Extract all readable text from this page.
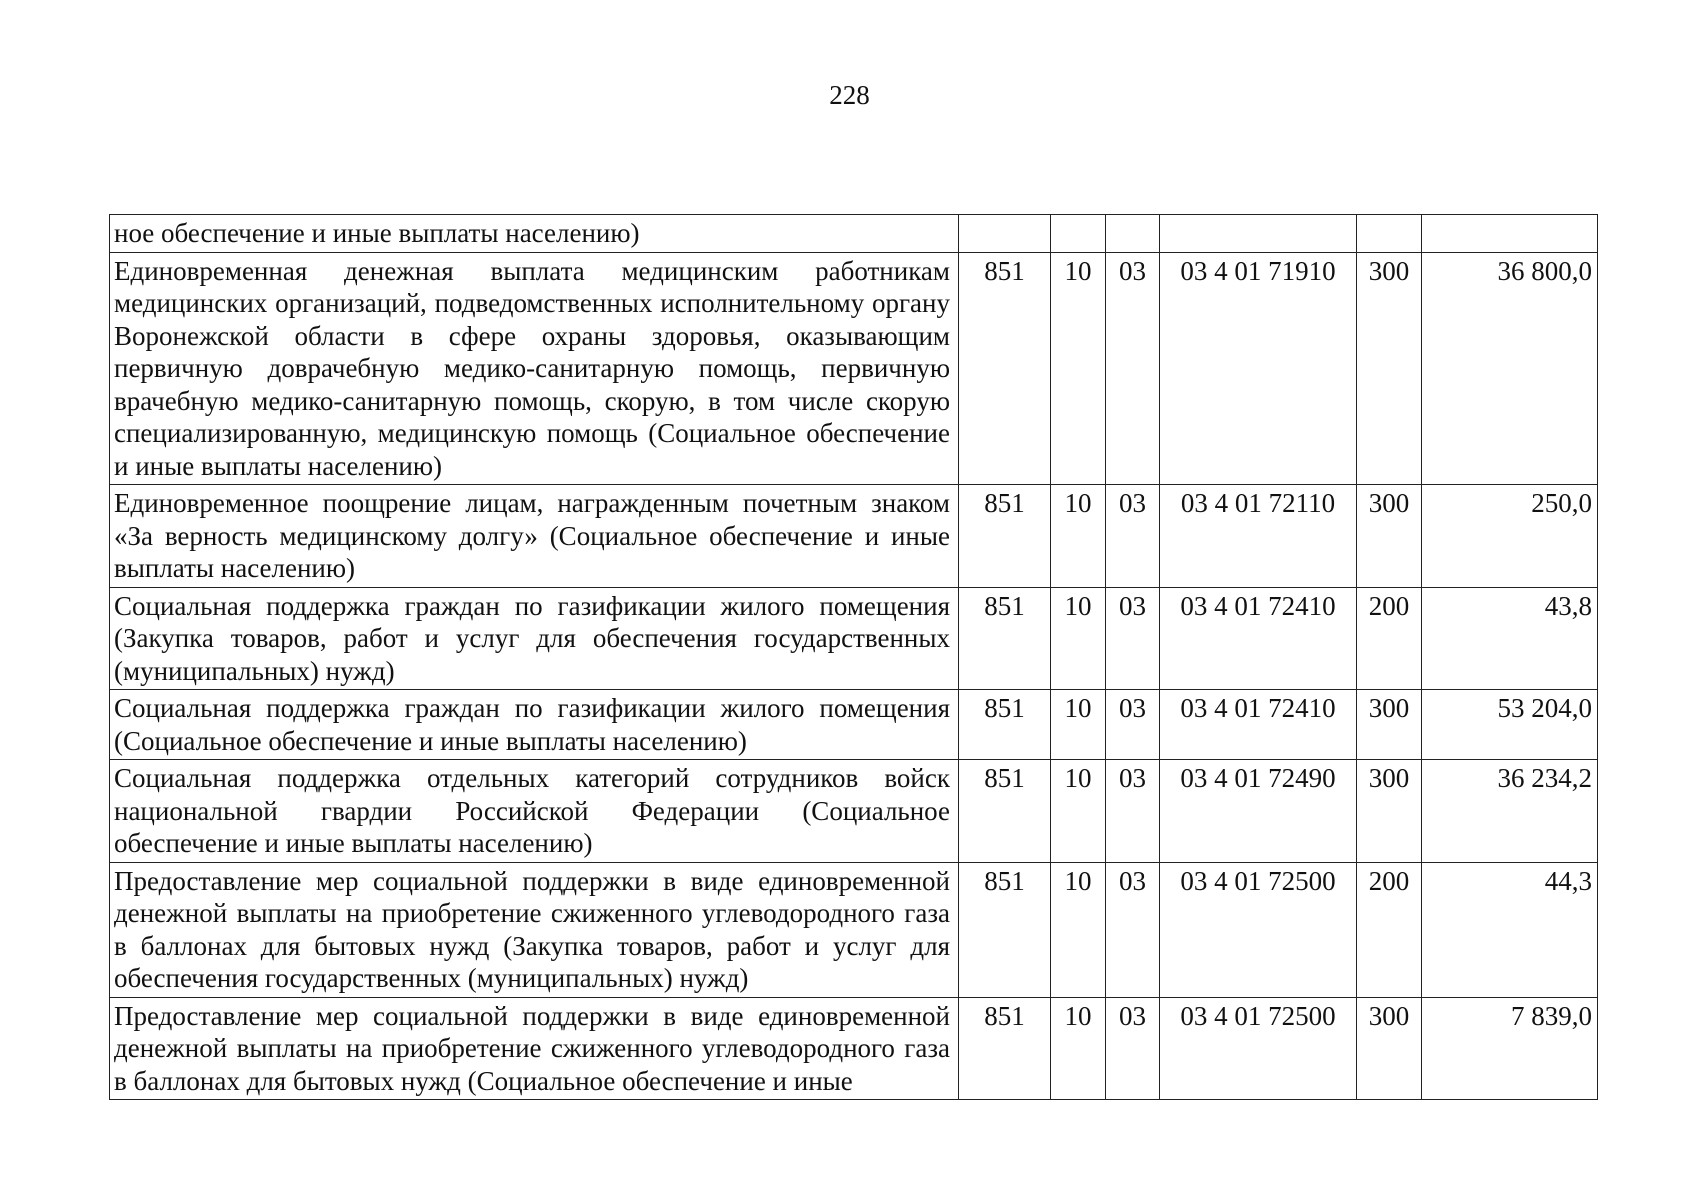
228
ное обеспечение и иные выплаты населению)						
Единовременная денежная выплата медицинским работникам медицинских организаций, подведомственных исполнительному органу Воронежской области в сфере охраны здоровья, оказывающим первичную доврачебную медико-санитарную помощь, первичную врачебную медико-санитарную помощь, скорую, в том числе скорую специализированную, медицинскую помощь (Социальное обеспечение и иные выплаты населению)	851	10	03	03 4 01 71910	300	36 800,0
Единовременное поощрение лицам, награжденным почетным знаком «За верность медицинскому долгу» (Социальное обеспечение и иные выплаты населению)	851	10	03	03 4 01 72110	300	250,0
Социальная поддержка граждан по газификации жилого помещения (Закупка товаров, работ и услуг для обеспечения государственных (муниципальных) нужд)	851	10	03	03 4 01 72410	200	43,8
Социальная поддержка граждан по газификации жилого помещения (Социальное обеспечение и иные выплаты населению)	851	10	03	03 4 01 72410	300	53 204,0
Социальная поддержка отдельных категорий сотрудников войск национальной гвардии Российской Федерации (Социальное обеспечение и иные выплаты населению)	851	10	03	03 4 01 72490	300	36 234,2
Предоставление мер социальной поддержки в виде единовременной денежной выплаты на приобретение сжиженного углеводородного газа в баллонах для бытовых нужд (Закупка товаров, работ и услуг для обеспечения государственных (муниципальных) нужд)	851	10	03	03 4 01 72500	200	44,3
Предоставление мер социальной поддержки в виде единовременной денежной выплаты на приобретение сжиженного углеводородного газа в баллонах для бытовых нужд (Социальное обеспечение и иные	851	10	03	03 4 01 72500	300	7 839,0
